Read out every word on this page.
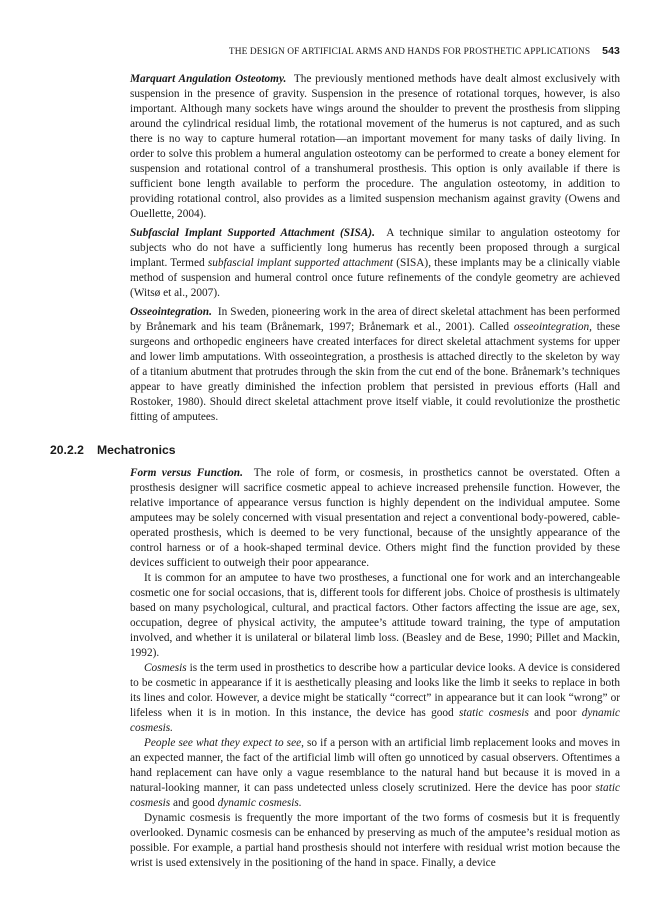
THE DESIGN OF ARTIFICIAL ARMS AND HANDS FOR PROSTHETIC APPLICATIONS 543

Marquart Angulation Osteotomy. The previously mentioned methods have dealt almost exclusively with suspension in the presence of gravity. Suspension in the presence of rotational torques, however, is also important. Although many sockets have wings around the shoulder to prevent the prosthesis from slipping around the cylindrical residual limb, the rotational movement of the humerus is not captured, and as such there is no way to capture humeral rotation—an important movement for many tasks of daily living. In order to solve this problem a humeral angulation osteotomy can be performed to create a boney element for suspension and rotational control of a transhumeral prosthesis. This option is only available if there is sufficient bone length available to perform the procedure. The angulation osteotomy, in addition to providing rotational control, also provides as a limited suspension mechanism against gravity (Owens and Ouellette, 2004).

Subfascial Implant Supported Attachment (SISA). A technique similar to angulation osteotomy for subjects who do not have a sufficiently long humerus has recently been proposed through a surgical implant. Termed subfascial implant supported attachment (SISA), these implants may be a clinically viable method of suspension and humeral control once future refinements of the condyle geometry are achieved (Witsø et al., 2007).

Osseointegration. In Sweden, pioneering work in the area of direct skeletal attachment has been performed by Brånemark and his team (Brånemark, 1997; Brånemark et al., 2001). Called osseointegration, these surgeons and orthopedic engineers have created interfaces for direct skeletal attachment systems for upper and lower limb amputations. With osseointegration, a prosthesis is attached directly to the skeleton by way of a titanium abutment that protrudes through the skin from the cut end of the bone. Brånemark’s techniques appear to have greatly diminished the infection problem that persisted in previous efforts (Hall and Rostoker, 1980). Should direct skeletal attachment prove itself viable, it could revolutionize the prosthetic fitting of amputees.

20.2.2 Mechatronics

Form versus Function. The role of form, or cosmesis, in prosthetics cannot be overstated. Often a prosthesis designer will sacrifice cosmetic appeal to achieve increased prehensile function. However, the relative importance of appearance versus function is highly dependent on the individual amputee. Some amputees may be solely concerned with visual presentation and reject a conventional body-powered, cable-operated prosthesis, which is deemed to be very functional, because of the unsightly appearance of the control harness or of a hook-shaped terminal device. Others might find the function provided by these devices sufficient to outweigh their poor appearance.

It is common for an amputee to have two prostheses, a functional one for work and an interchangeable cosmetic one for social occasions, that is, different tools for different jobs. Choice of prosthesis is ultimately based on many psychological, cultural, and practical factors. Other factors affecting the issue are age, sex, occupation, degree of physical activity, the amputee’s attitude toward training, the type of amputation involved, and whether it is unilateral or bilateral limb loss. (Beasley and de Bese, 1990; Pillet and Mackin, 1992).

Cosmesis is the term used in prosthetics to describe how a particular device looks. A device is considered to be cosmetic in appearance if it is aesthetically pleasing and looks like the limb it seeks to replace in both its lines and color. However, a device might be statically “correct” in appearance but it can look “wrong” or lifeless when it is in motion. In this instance, the device has good static cosmesis and poor dynamic cosmesis.

People see what they expect to see, so if a person with an artificial limb replacement looks and moves in an expected manner, the fact of the artificial limb will often go unnoticed by casual observers. Oftentimes a hand replacement can have only a vague resemblance to the natural hand but because it is moved in a natural-looking manner, it can pass undetected unless closely scrutinized. Here the device has poor static cosmesis and good dynamic cosmesis.

Dynamic cosmesis is frequently the more important of the two forms of cosmesis but it is frequently overlooked. Dynamic cosmesis can be enhanced by preserving as much of the amputee’s residual motion as possible. For example, a partial hand prosthesis should not interfere with residual wrist motion because the wrist is used extensively in the positioning of the hand in space. Finally, a device
